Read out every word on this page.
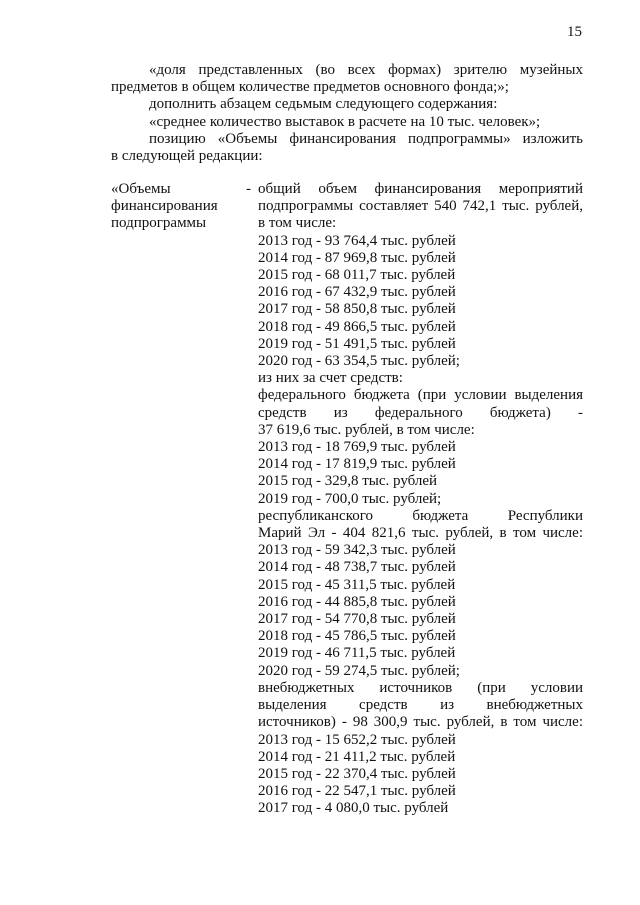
15

«доля представленных (во всех формах) зрителю музейных

предметов в общем количестве предметов основного фонда;»;

дополнить абзацем седьмым следующего содержания:

«среднее количество выставок в расчете на 10 тыс. человек»;

позицию «Объемы финансирования подпрограммы» изложить

в следующей редакции:

«Объемы	-
финансирования
подпрограммы
общий объем финансирования мероприятий
подпрограммы составляет 540 742,1 тыс. рублей,
в том числе:
2013 год - 93 764,4 тыс. рублей
2014 год - 87 969,8 тыс. рублей
2015 год - 68 011,7 тыс. рублей
2016 год - 67 432,9 тыс. рублей
2017 год - 58 850,8 тыс. рублей
2018 год - 49 866,5 тыс. рублей
2019 год - 51 491,5 тыс. рублей
2020 год - 63 354,5 тыс. рублей;
из них за счет средств:
федерального бюджета (при условии выделения
средств из федерального бюджета) -
37 619,6 тыс. рублей, в том числе:
2013 год - 18 769,9 тыс. рублей
2014 год - 17 819,9 тыс. рублей
2015 год - 329,8 тыс. рублей
2019 год - 700,0 тыс. рублей;
республиканского бюджета Республики
Марий Эл - 404 821,6 тыс. рублей, в том числе:
2013 год - 59 342,3 тыс. рублей
2014 год - 48 738,7 тыс. рублей
2015 год - 45 311,5 тыс. рублей
2016 год - 44 885,8 тыс. рублей
2017 год - 54 770,8 тыс. рублей
2018 год - 45 786,5 тыс. рублей
2019 год - 46 711,5 тыс. рублей
2020 год - 59 274,5 тыс. рублей;
внебюджетных источников (при условии
выделения средств из внебюджетных
источников) - 98 300,9 тыс. рублей, в том числе:
2013 год - 15 652,2 тыс. рублей
2014 год - 21 411,2 тыс. рублей
2015 год - 22 370,4 тыс. рублей
2016 год - 22 547,1 тыс. рублей
2017 год - 4 080,0 тыс. рублей
